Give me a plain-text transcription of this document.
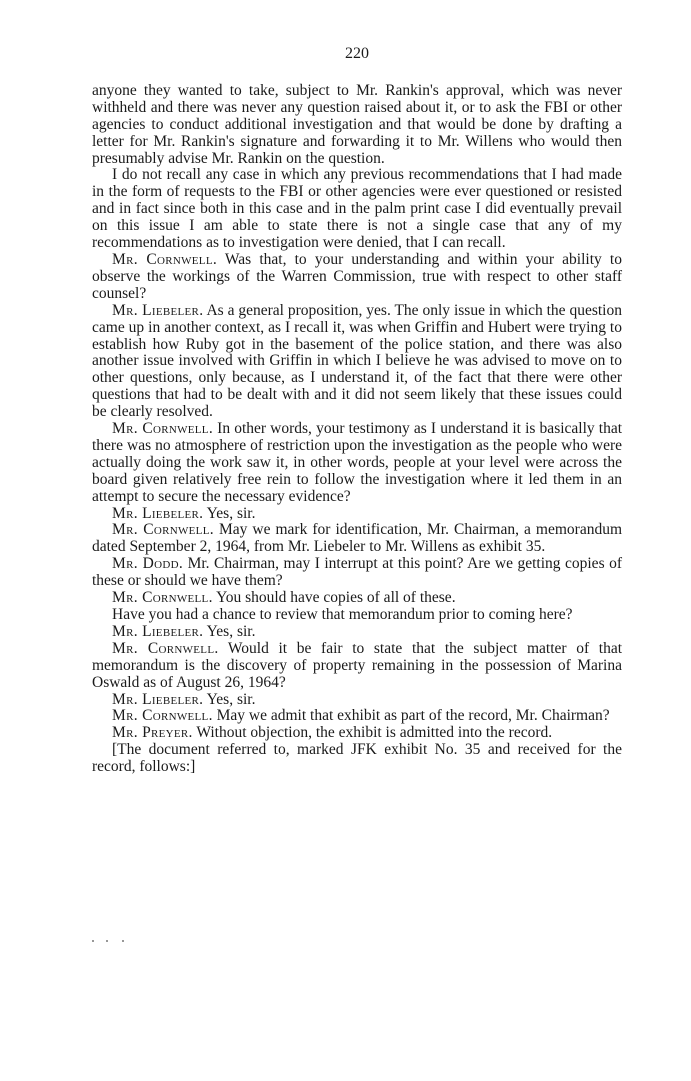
220

anyone they wanted to take, subject to Mr. Rankin's approval, which was never withheld and there was never any question raised about it, or to ask the FBI or other agencies to conduct additional investigation and that would be done by drafting a letter for Mr. Rankin's signature and forwarding it to Mr. Willens who would then presumably advise Mr. Rankin on the question.

I do not recall any case in which any previous recommendations that I had made in the form of requests to the FBI or other agencies were ever questioned or resisted and in fact since both in this case and in the palm print case I did eventually prevail on this issue I am able to state there is not a single case that any of my recommendations as to investigation were denied, that I can recall.

Mr. Cornwell. Was that, to your understanding and within your ability to observe the workings of the Warren Commission, true with respect to other staff counsel?

Mr. Liebeler. As a general proposition, yes. The only issue in which the question came up in another context, as I recall it, was when Griffin and Hubert were trying to establish how Ruby got in the basement of the police station, and there was also another issue involved with Griffin in which I believe he was advised to move on to other questions, only because, as I understand it, of the fact that there were other questions that had to be dealt with and it did not seem likely that these issues could be clearly resolved.

Mr. Cornwell. In other words, your testimony as I understand it is basically that there was no atmosphere of restriction upon the investigation as the people who were actually doing the work saw it, in other words, people at your level were across the board given relatively free rein to follow the investigation where it led them in an attempt to secure the necessary evidence?

Mr. Liebeler. Yes, sir.

Mr. Cornwell. May we mark for identification, Mr. Chairman, a memorandum dated September 2, 1964, from Mr. Liebeler to Mr. Willens as exhibit 35.

Mr. Dodd. Mr. Chairman, may I interrupt at this point? Are we getting copies of these or should we have them?

Mr. Cornwell. You should have copies of all of these.

Have you had a chance to review that memorandum prior to coming here?

Mr. Liebeler. Yes, sir.

Mr. Cornwell. Would it be fair to state that the subject matter of that memorandum is the discovery of property remaining in the possession of Marina Oswald as of August 26, 1964?

Mr. Liebeler. Yes, sir.

Mr. Cornwell. May we admit that exhibit as part of the record, Mr. Chairman?

Mr. Preyer. Without objection, the exhibit is admitted into the record.

[The document referred to, marked JFK exhibit No. 35 and received for the record, follows:]
